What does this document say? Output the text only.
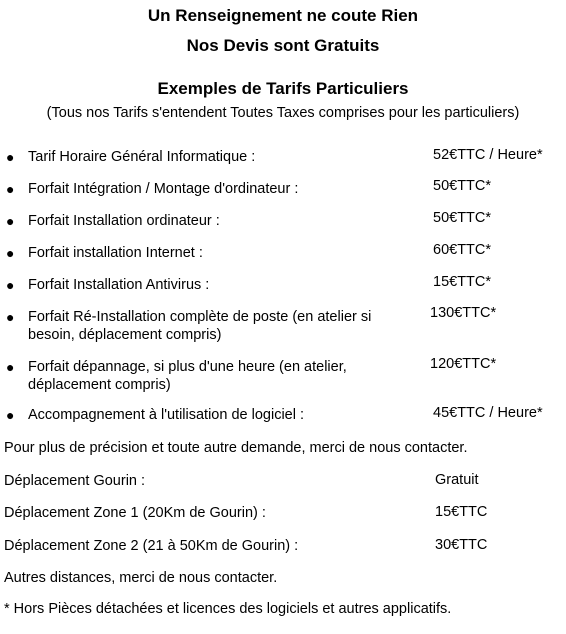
Un Renseignement ne coute Rien
Nos Devis sont Gratuits
Exemples de Tarifs Particuliers
(Tous nos Tarifs s'entendent Toutes Taxes comprises pour les particuliers)
● Tarif Horaire Général Informatique :	52€TTC / Heure*
● Forfait Intégration / Montage d'ordinateur :	50€TTC*
● Forfait Installation ordinateur :	50€TTC*
● Forfait installation Internet :	60€TTC*
● Forfait Installation Antivirus :	15€TTC*
● Forfait Ré-Installation complète de poste (en atelier si besoin, déplacement compris)
130€TTC*
● Forfait dépannage, si plus d'une heure (en atelier, déplacement compris)
120€TTC*
● Accompagnement à l'utilisation de logiciel :	45€TTC / Heure*
Pour plus de précision et toute autre demande, merci de nous contacter.
Déplacement Gourin :	Gratuit
Déplacement Zone 1 (20Km de Gourin) :	15€TTC
Déplacement Zone 2 (21 à 50Km de Gourin) :	30€TTC
Autres distances, merci de nous contacter.
* Hors Pièces détachées et licences des logiciels et autres applicatifs.
